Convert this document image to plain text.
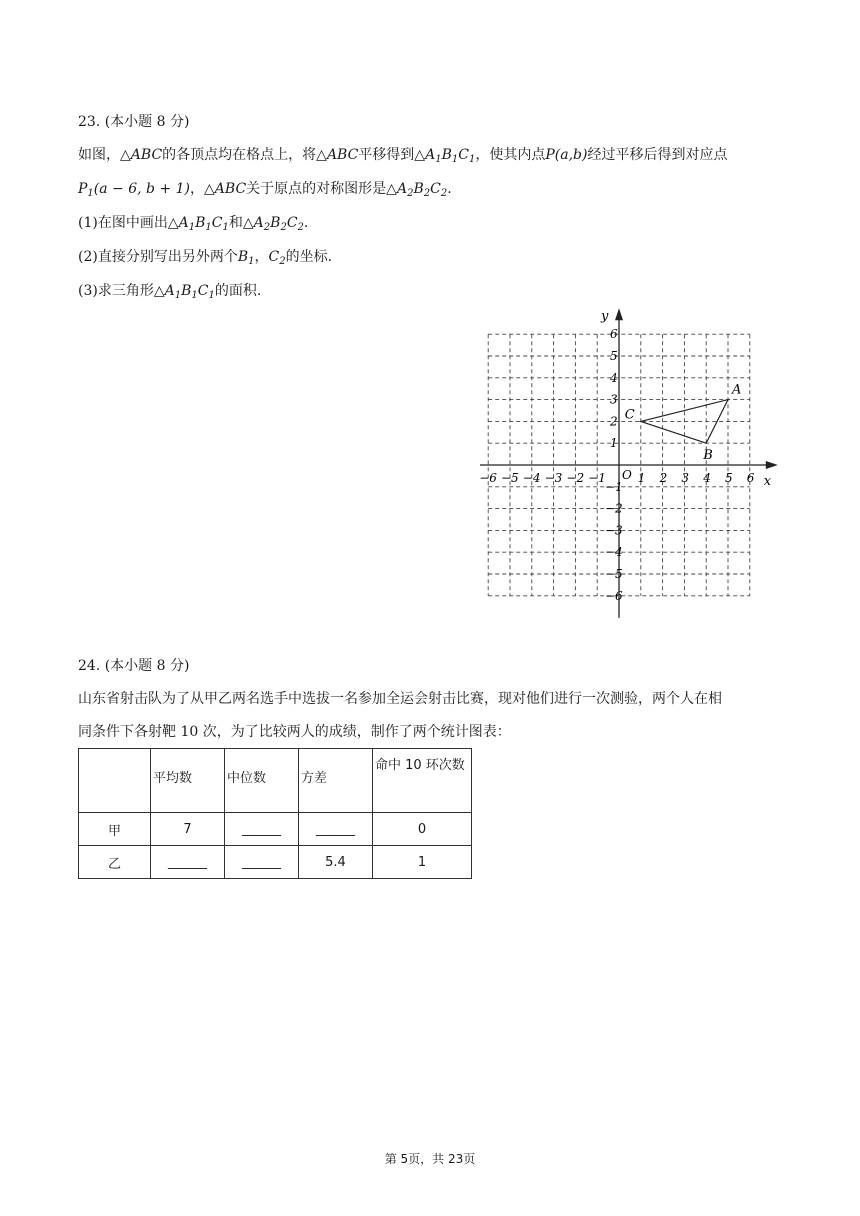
23. (本小题 8 分)
如图，△ABC的各顶点均在格点上，将△ABC平移得到$\triangle A_1B_1C_1$，使其内点P(a,b)经过平移后得到对应点
$P_1(a - 6$, b + 1)，△ABC关于原点的对称图形是$\triangle A_2B_2C_2$.
(1)在图中画出$\triangle A_1B_1C_1$和$\triangle A_2B_2C_2$.
(2)直接分别写出另外两个$B_1$，$C_2$的坐标.
(3)求三角形$\triangle A_1B_1C_1$的面积.
x
y
O
−6 −5 −4 −3 −2 −1	1 2 3 4 5 6
6
5
4
3
2
1
−1
−2
−3
−4
−5
−6
A
B
C
24. (本小题 8 分)
山东省射击队为了从甲乙两名选手中选拔一名参加全运会射击比赛，现对他们进行一次测验，两个人在相
同条件下各射靶 10 次，为了比较两人的成绩，制作了两个统计图表：
	平均数	中位数	方差	命中 10 环次数
甲	7	______	______	0
乙	______	______	5.4	1
第 5页，共 23页
